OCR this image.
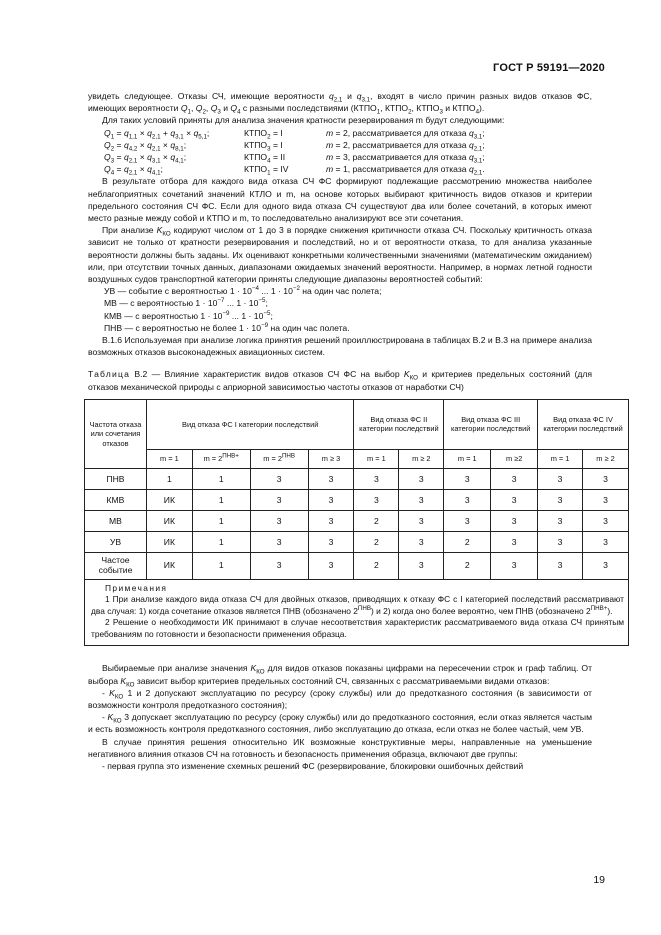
ГОСТ Р 59191—2020

увидеть следующее. Отказы СЧ, имеющие вероятности $q_{2,1}$ и $q_{3,1}$, входят в число причин разных видов отказов ФС, имеющих вероятности $Q_1$, $Q_2$, $Q_3$ и $Q_4$ с разными последствиями ($КТПО_1$, $КТПО_2$, $КТПО_3$ и $КТПО_4$).

Для таких условий приняты для анализа значения кратности резервирования m будут следующими:

$Q_1 = q_{1,1} \times q_{2,1} + q_{3,1} \times q_{5,1}$;	$КТПО_2 = I$	m = 2, рассматривается для отказа $q_{3,1}$;
$Q_2 = q_{4,2} \times q_{2,1} \times q_{8,1}$;	$КТПО_3 = I$	m = 2, рассматривается для отказа $q_{2,1}$;
$Q_3 = q_{2,1} \times q_{3,1} \times q_{4,1}$;	$КТПО_4$ = II	m = 3, рассматривается для отказа $q_{3,1}$;
$Q_4 = q_{2,1} \times q_{4,1}$;	$КТПО_1$ = IV	m = 1, рассматривается для отказа $q_{2,1}$.

В результате отбора для каждого вида отказа СЧ ФС формируют подлежащие рассмотрению множества наиболее неблагоприятных сочетаний значений КТЛО и m, на основе которых выбирают критичность видов отказов и критерии предельного состояния СЧ ФС. Если для одного вида отказа СЧ существуют два или более сочетаний, в которых имеют место разные между собой и КТПО и m, то последовательно анализируют все эти сочетания.

При анализе $K_{КО}$ кодируют числом от 1 до 3 в порядке снижения критичности отказа СЧ. Поскольку критичность отказа зависит не только от кратности резервирования и последствий, но и от вероятности отказа, то для анализа указанные вероятности должны быть заданы. Их оценивают конкретными количественными значениями (математическим ожиданием) или, при отсутствии точных данных, диапазонами ожидаемых значений вероятности. Например, в нормах летной годности воздушных судов транспортной категории приняты следующие диапазоны вероятностей событий:

УВ — событие с вероятностью $1 \cdot 10^{-4}$ ... $1 \cdot 10^{-2}$ на один час полета;

МВ — с вероятностью $1 \cdot 10^{-7}$ ... $1 \cdot 10^{-5}$;

КМВ — с вероятностью $1 \cdot 10^{-9}$ ... $1 \cdot 10^{-5}$;

ПНВ — с вероятностью не более $1 \cdot 10^{-9}$ на один час полета.

В.1.6 Используемая при анализе логика принятия решений проиллюстрирована в таблицах В.2 и В.3 на примере анализа возможных отказов высоконадежных авиационных систем.

Таблица В.2 — Влияние характеристик видов отказов СЧ ФС на выбор $K_{КО}$ и критериев предельных состояний (для отказов механической природы с априорной зависимостью частоты отказов от наработки СЧ)

Частота отказа или сочетания отказов	Вид отказа ФС I категории последствий				Вид отказа ФС II категории последствий		Вид отказа ФС III категории последствий		Вид отказа ФС IV категории последствий	
	m = 1	$m = 2^{ПНВ+}$	$m = 2^{ПНВ}$	m ≥ 3	m = 1	m ≥ 2	m = 1	m ≥2	m = 1	m ≥ 2
ПНВ	1	1	3	3	3	3	3	3	3	3
КМВ	ИК	1	3	3	3	3	3	3	3	3
МВ	ИК	1	3	3	2	3	3	3	3	3
УВ	ИК	1	3	3	2	3	2	3	3	3
Частое событие	ИК	1	3	3	2	3	2	3	3	3

Примечания

1 При анализе каждого вида отказа СЧ для двойных отказов, приводящих к отказу ФС с I категорией последствий рассматривают два случая: 1) когда сочетание отказов является ПНВ (обозначено $2^{ПНВ}$) и 2) когда оно более вероятно, чем ПНВ (обозначено $2^{ПНВ+}$).

2 Решение о необходимости ИК принимают в случае несоответствия характеристик рассматриваемого вида отказа СЧ принятым требованиям по готовности и безопасности применения образца.										

Выбираемые при анализе значения $K_{КО}$ для видов отказов показаны цифрами на пересечении строк и граф таблиц. От выбора $K_{КО}$ зависит выбор критериев предельных состояний СЧ, связанных с рассматриваемыми видами отказов:

- $K_{КО}$ 1 и 2 допускают эксплуатацию по ресурсу (сроку службы) или до предотказного состояния (в зависимости от возможности контроля предотказного состояния);

- $K_{КО}$ 3 допускает эксплуатацию по ресурсу (сроку службы) или до предотказного состояния, если отказ является частым и есть возможность контроля предотказного состояния, либо эксплуатацию до отказа, если отказ не более частый, чем УВ.

В случае принятия решения относительно ИК возможные конструктивные меры, направленные на уменьшение негативного влияния отказов СЧ на готовность и безопасность применения образца, включают две группы:

- первая группа это изменение схемных решений ФС (резервирование, блокировки ошибочных действий

19
